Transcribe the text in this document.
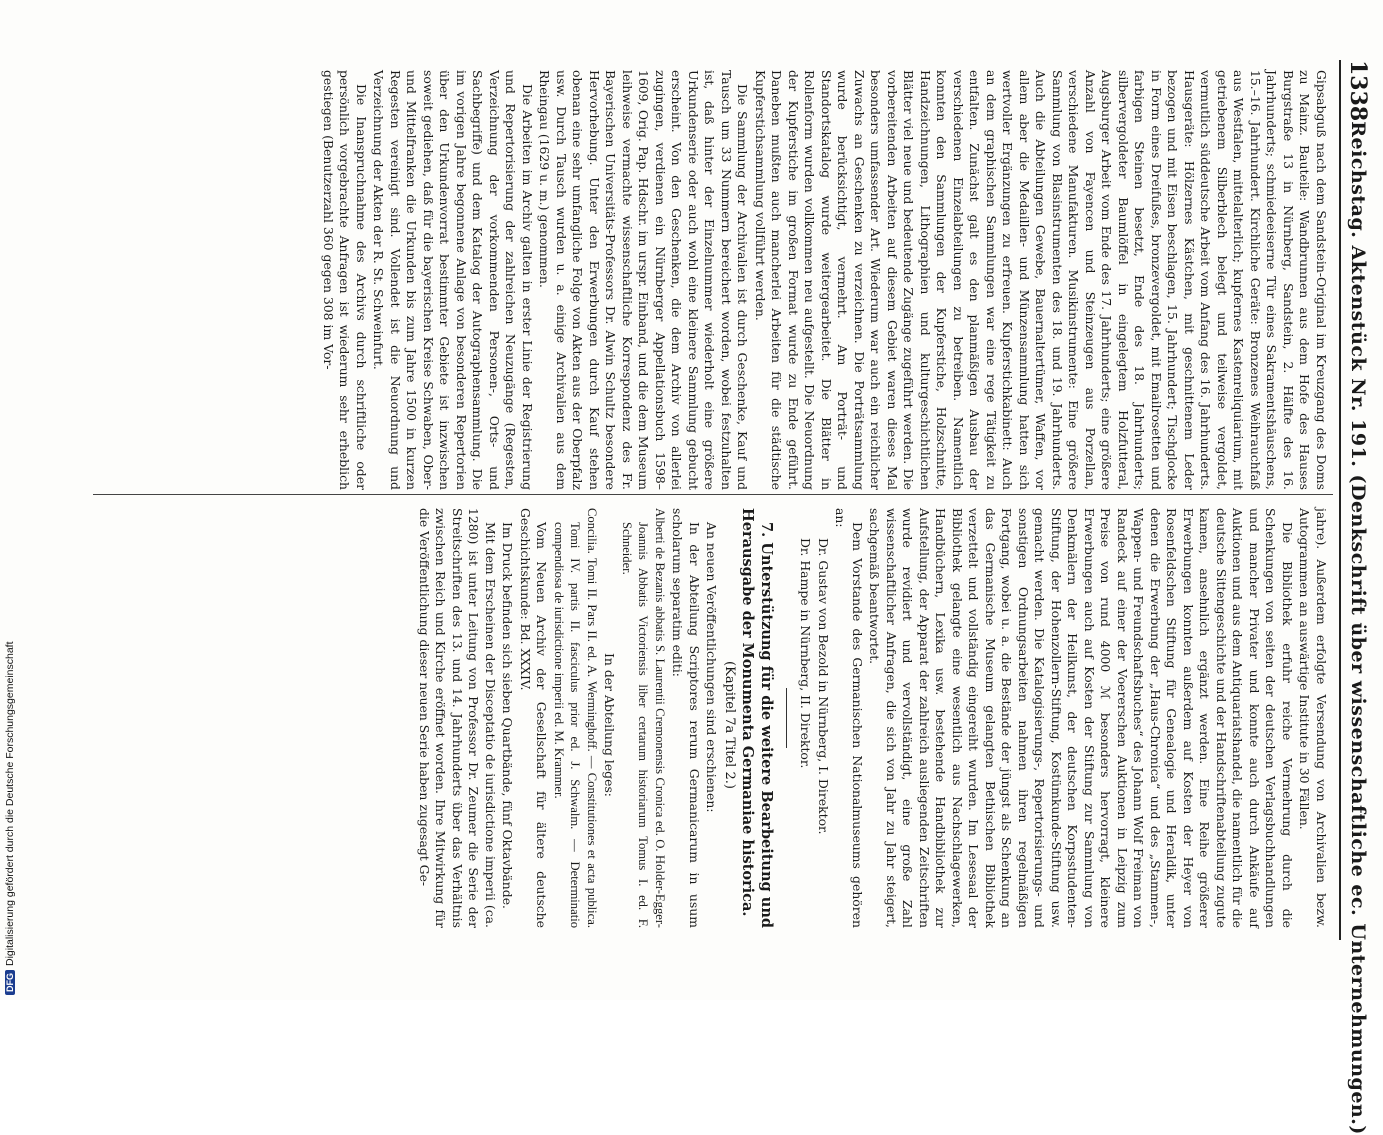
1338
Reichstag. Aktenstück Nr. 191. (Denkschrift über wissenschaftliche ec. Unternehmungen.)

Gipsabguß nach dem Sandstein-Original im Kreuzgang des Doms zu Mainz. Bauteile: Wandbrunnen aus dem Hofe des Hauses Burgstraße 13 in Nürnberg, Sandstein, 2. Hälfte des 16. Jahrhunderts; schmiedeeiserne Tür eines Sakramentshäuschens, 15.–16. Jahrhundert. Kirchliche Geräte: Bronzenes Weihrauchfaß aus Westfalen, mittelalterlich; kupfernes Kastenreliquiarium, mit getriebenem Silberblech belegt und teilweise vergoldet, vermutlich süddeutsche Arbeit vom Anfang des 16. Jahrhunderts. Hausgeräte: Hölzernes Kästchen, mit geschnittenem Leder bezogen und mit Eisen beschlagen, 15. Jahrhundert; Tischglocke in Form eines Dreifußes, bronzevergoldet, mit Emailrosetten und farbigen Steinen besetzt, Ende des 18. Jahrhunderts; silbervergoldeter Baumlöffel in eingelegtem Holzfutteral, Augsburger Arbeit vom Ende des 17. Jahrhunderts; eine größere Anzahl von Fayencen und Steinzeugen aus Porzellan, verschiedene Manufakturen. Musikinstrumente: Eine größere Sammlung von Blasinstrumenten des 18. und 19. Jahrhunderts. Auch die Abteilungen Gewebe, Bauernaltertümer, Waffen, vor allem aber die Medaillen- und Münzensammlung hatten sich wertvoller Ergänzungen zu erfreuen. Kupferstichkabinett: Auch an dem graphischen Sammlungen war eine rege Tätigkeit zu entfalten. Zunächst galt es den planmäßigen Ausbau der verschiedenen Einzelabteilungen zu betreiben. Namentlich konnten den Sammlungen der Kupferstiche, Holzschnitte, Handzeichnungen, Lithographien und kulturgeschichtlichen Blätter viel neue und bedeutende Zugänge zugeführt werden. Die vorbereitenden Arbeiten auf diesem Gebiet waren dieses Mal besonders umfassender Art. Wiederum war auch ein reichlicher Zuwachs an Geschenken zu verzeichnen. Die Porträtsammlung wurde berücksichtigt, vermehrt. Am Porträt- und Standortskatalog wurde weitergearbeitet. Die Blätter in Rollenform wurden vollkommen neu aufgestellt. Die Neuordnung der Kupferstiche im großen Format wurde zu Ende geführt. Daneben mußten auch mancherlei Arbeiten für die städtische Kupferstichsammlung vollführt werden.

Die Sammlung der Archivalien ist durch Geschenke, Kauf und Tausch um 33 Nummern bereichert worden, wobei festzuhalten ist, daß hinter der Einzelnummer wiederholt eine größere Urkundenserie oder auch wohl eine kleinere Sammlung gebucht erscheint. Von den Geschenken, die dem Archiv von allerlei zugingen, verdienen ein Nürnberger Appellationsbuch 1598–1609, Orig. Pap. Hdschr. im urspr. Einband, und die dem Museum leihweise vermachte wissenschaftliche Korrespondenz des Fr. Bayerischen Universitäts-Professors Dr. Alwin Schultz besondere Hervorhebung. Unter den Erwerbungen durch Kauf stehen obenan eine sehr umfangliche Folge von Akten aus der Oberpfalz usw. Durch Tausch wurden u. a. einige Archivalien aus dem Rheingau (1629 u. m.) genommen.

Die Arbeiten im Archiv galten in erster Linie der Registrierung und Repertorisierung der zahlreichen Neuzugänge (Regesten, Verzeichnung der vorkommenden Personen-, Orts- und Sachbegriffe) und dem Katalog der Autographensammlung. Die im vorigen Jahre begonnene Anlage von besonderen Repertorien über den Urkundenvorrat bestimmter Gebiete ist inzwischen soweit gediehen, daß für die bayerischen Kreise Schwaben, Ober- und Mittelfranken die Urkunden bis zum Jahre 1500 in kurzen Regesten vereinigt sind. Vollendet ist die Neuordnung und Verzeichnung der Akten der R. St. Schweinfurt.

Die Inanspruchnahme des Archivs durch schriftliche oder persönlich vorgebrachte Anfragen ist wiederum sehr erheblich gestiegen (Benutzerzahl 360 gegen 308 im Vor-

jahre). Außerdem erfolgte Versendung von Archivalien bezw. Autogrammen an auswärtige Institute in 30 Fällen.

Die Bibliothek erfuhr reiche Vermehrung durch die Schenkungen von seiten der deutschen Verlagsbuchhandlungen und mancher Privater und konnte auch durch Ankäufe auf Auktionen und aus dem Antiquariatshandel, die namentlich für die deutsche Sittengeschichte und der Handschriftenabteilung zugute kamen, ansehnlich ergänzt werden. Eine Reihe größerer Erwerbungen konnten außerdem auf Kosten der Heyer von Rosenfeldschen Stiftung für Genealogie und Heraldik, unter denen die Erwerbung der „Haus-Chronica“ und des „Stammen-, Wappen- und Freundschaftsbuches“ des Johann Wolf Freiman von Randeck auf einer der Voererschen Auktionen in Leipzig zum Preise von rund 4000 ℳ besonders hervorragt, kleinere Erwerbungen auch auf Kosten der Stiftung zur Sammlung von Denkmälern der Heilkunst, der deutschen Korpsstudenten-Stiftung, der Hohenzollern-Stiftung, Kostümkunde-Stiftung usw. gemacht werden. Die Katalogisierungs-, Repertorisierungs- und sonstigen Ordnungsarbeiten nahmen ihren regelmäßigen Fortgang, wobei u. a. die Bestände der jüngst als Schenkung an das Germanische Museum gelangten Bethischen Bibliothek verzettelt und vollständig eingereiht wurden. Im Lesesaal der Bibliothek gelangte eine wesentlich aus Nachschlagewerken, Handbüchern, Lexika usw. bestehende Handbibliothek zur Aufstellung, der Apparat der zahlreich ausliegenden Zeitschriften wurde revidiert und vervollständigt, eine große Zahl wissenschaftlicher Anfragen, die sich von Jahr zu Jahr steigert, sachgemäß beantwortet.

Dem Vorstande des Germanischen Nationalmuseums gehören an:

Dr. Gustav von Bezold in Nürnberg, I. Direktor.

Dr. Hampe in Nürnberg, II. Direktor.

7. Unterstützung für die weitere Bearbeitung und Herausgabe der Monumenta Germaniae historica.

(Kapitel 7a Titel 2.)

An neuen Veröffentlichungen sind erschienen:

In der Abteilung Scriptores rerum Germanicarum in usum scholarum separatim editi:

Alberti de Bezanis abbatis S. Laurentii Cremonensis Cronica ed. O. Holder-Egger-Joannis Abbatis Victoriensis liber certarum historiarum Tomus I. ed. F. Schneider.

In der Abteilung leges:

Concilia. Tomi II. Pars II. ed. A. Werminghoff. — Constitutiones et acta publica. Tomi IV. partis II. fasciculus prior ed. J. Schwalm. — Determinatio compendiosa de iurisdictione imperii ed. M. Krammer.

Vom Neuen Archiv der Gesellschaft für ältere deutsche Geschichtskunde: Bd. XXXIV.

Im Druck befinden sich sieben Quartbände, fünf Oktavbände.

Mit dem Erscheinen der Disceptatio de iurisdictione imperii (ca. 1280) ist unter Leitung von Professor Dr. Zeumer die Serie der Streitschriften des 13. und 14. Jahrhunderts über das Verhältnis zwischen Reich und Kirche eröffnet worden. Ihre Mitwirkung für die Veröffentlichung dieser neuen Serie haben zugesagt Ge-

DFG
Digitalisierung gefördert durch die Deutsche Forschungsgemeinschaft
